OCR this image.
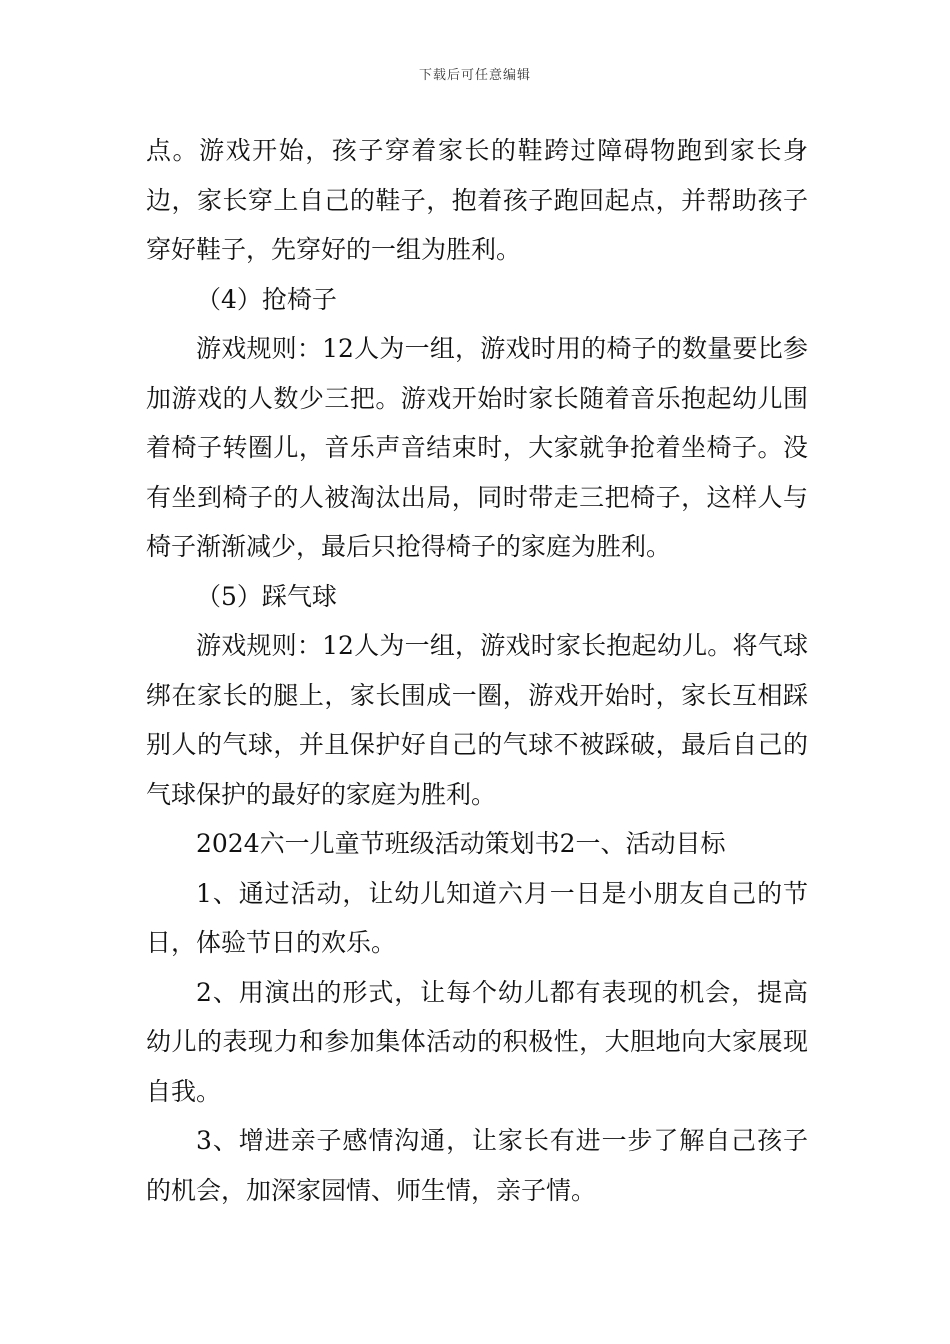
下载后可任意编辑

点。游戏开始，孩子穿着家长的鞋跨过障碍物跑到家长身边，家长穿上自己的鞋子，抱着孩子跑回起点，并帮助孩子穿好鞋子，先穿好的一组为胜利。

（4）抢椅子

游戏规则：12人为一组，游戏时用的椅子的数量要比参加游戏的人数少三把。游戏开始时家长随着音乐抱起幼儿围着椅子转圈儿，音乐声音结束时，大家就争抢着坐椅子。没有坐到椅子的人被淘汰出局，同时带走三把椅子，这样人与椅子渐渐减少，最后只抢得椅子的家庭为胜利。

（5）踩气球

游戏规则：12人为一组，游戏时家长抱起幼儿。将气球绑在家长的腿上，家长围成一圈，游戏开始时，家长互相踩别人的气球，并且保护好自己的气球不被踩破，最后自己的气球保护的最好的家庭为胜利。

2024六一儿童节班级活动策划书2一、活动目标

1、通过活动，让幼儿知道六月一日是小朋友自己的节日，体验节日的欢乐。

2、用演出的形式，让每个幼儿都有表现的机会，提高幼儿的表现力和参加集体活动的积极性，大胆地向大家展现自我。

3、增进亲子感情沟通，让家长有进一步了解自己孩子的机会，加深家园情、师生情，亲子情。
